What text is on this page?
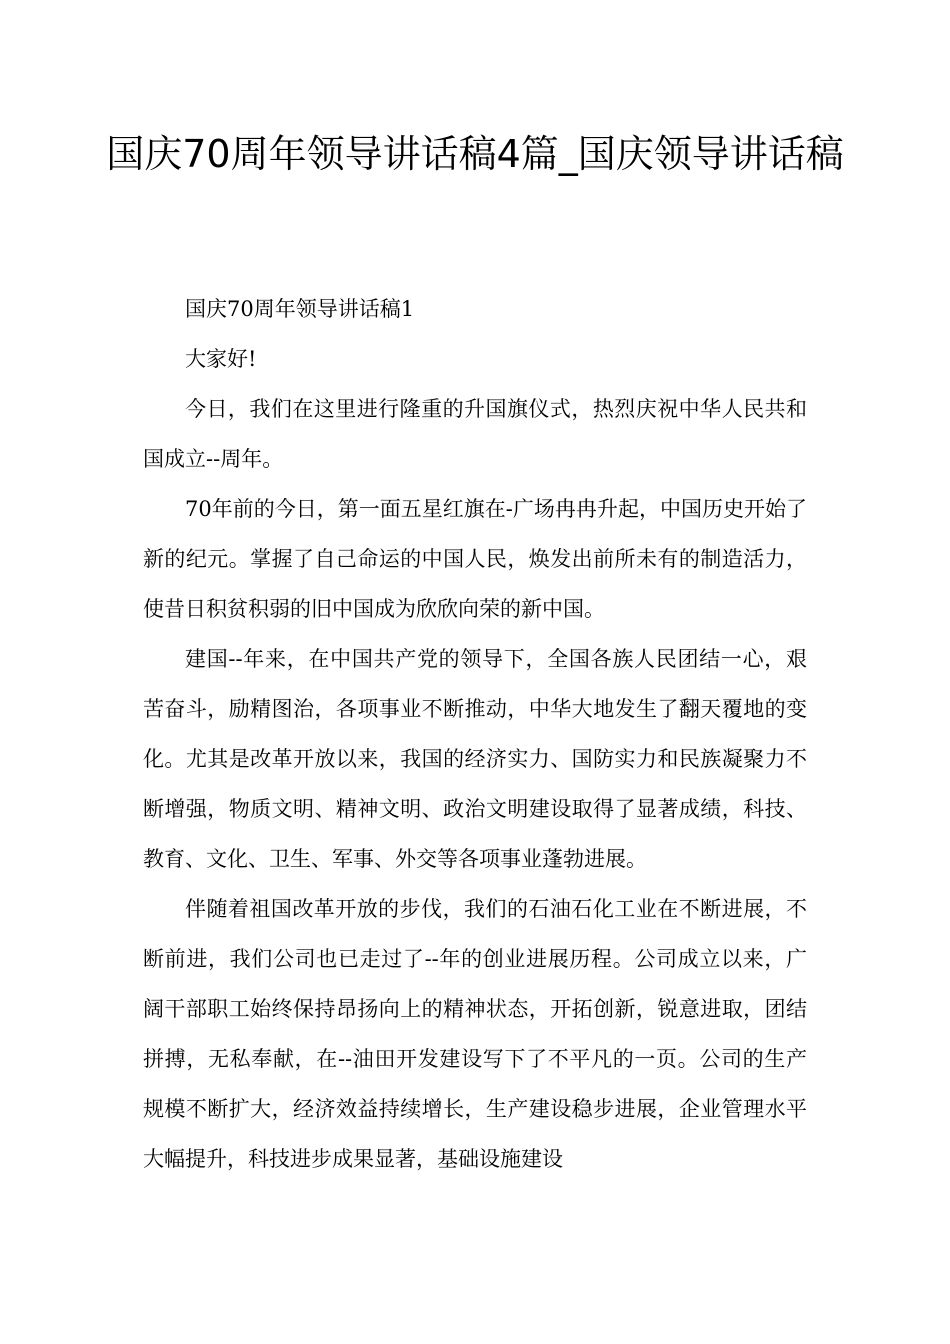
国庆70周年领导讲话稿4篇_国庆领导讲话稿

国庆70周年领导讲话稿1

大家好!

今日，我们在这里进行隆重的升国旗仪式，热烈庆祝中华人民共和国成立--周年。

70年前的今日，第一面五星红旗在-广场冉冉升起，中国历史开始了新的纪元。掌握了自己命运的中国人民，焕发出前所未有的制造活力，使昔日积贫积弱的旧中国成为欣欣向荣的新中国。

建国--年来，在中国共产党的领导下，全国各族人民团结一心，艰苦奋斗，励精图治，各项事业不断推动，中华大地发生了翻天覆地的变化。尤其是改革开放以来，我国的经济实力、国防实力和民族凝聚力不断增强，物质文明、精神文明、政治文明建设取得了显著成绩，科技、教育、文化、卫生、军事、外交等各项事业蓬勃进展。

伴随着祖国改革开放的步伐，我们的石油石化工业在不断进展，不断前进，我们公司也已走过了--年的创业进展历程。公司成立以来，广阔干部职工始终保持昂扬向上的精神状态，开拓创新，锐意进取，团结拼搏，无私奉献，在--油田开发建设写下了不平凡的一页。公司的生产规模不断扩大，经济效益持续增长，生产建设稳步进展，企业管理水平大幅提升，科技进步成果显著，基础设施建设
